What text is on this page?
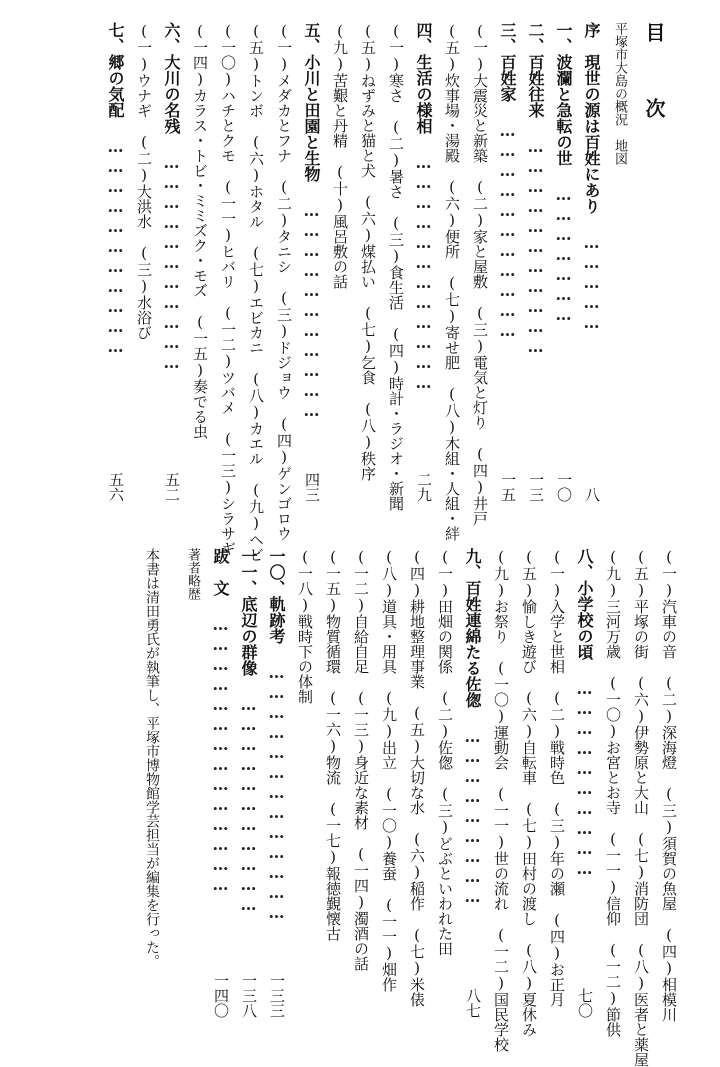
目　次
平塚市大島の概況　地図
序　現世の源は百姓にあり ……………
八
一、波瀾と急転の世 …………………
一〇
二、百姓往来 ……………………………
一三
三、百姓家 ……………………………
一五
(一)大震災と新築　(二)家と屋敷　(三)電気と灯り　(四)井戸
(五)炊事場・湯殿　(六)便所　(七)寄せ肥　(八)木組・人組・絆
四、生活の様相 ………………………………
二九
(一)寒さ　(二)暑さ　(三)食生活　(四)時計・ラジオ・新聞
(五)ねずみと猫と犬　(六)煤払い　(七)乞食　(八)秩序
(九)苦艱と丹精　(十)風呂敷の話
五、小川と田園と生物 ……………………………
四三
(一)メダカとフナ　(二)タニシ　(三)ドジョウ　(四)ゲンゴロウ
(五)トンボ　(六)ホタル　(七)エビカニ　(八)カエル　(九)ヘビ
(一〇)ハチとクモ　(一一)ヒバリ　(一二)ツバメ　(一三)シラサギ
(一四)カラス・トビ・ミミズク・モズ　(一五)奏でる虫
六、大川の名残 ……………………………
五二
(一)ウナギ　(二)大洪水　(三)水浴び
七、郷の気配 ……………………………
五六
(一)汽車の音　(二)深海燈　(三)須賀の魚屋　(四)相模川
(五)平塚の街　(六)伊勢原と大山　(七)消防団　(八)医者と薬屋
(九)三河万歳　(一〇)お宮とお寺　(一一)信仰　(一二)節供
八、小学校の頃 …………………………
七〇
(一)入学と世相　(二)戦時色　(三)年の瀬　(四)お正月
(五)愉しき遊び　(六)自転車　(七)田村の渡し　(八)夏休み
(九)お祭り　(一〇)運動会　(一一)世の流れ　(一二)国民学校
九、百姓連綿たる佐偬 ………………………
八七
(一)田畑の関係　(二)佐偬　(三)どぶといわれた田
(四)耕地整理事業　(五)大切な水　(六)稲作　(七)米俵
(八)道具・用具　(九)出立　(一〇)養蚕　(一一)畑作
(一二)自給自足　(一三)身近な素材　(一四)濁酒の話
(一五)物質循環　(一六)物流　(一七)報徳覲懐古
(一八)戦時下の体制
一〇、軌跡考 …………………………………
一三三
一一、底辺の群像 ……………………………
一三八
跋　文 ……………………………………
一四〇
著者略歴
本書は清田勇氏が執筆し、平塚市博物館学芸担当が編集を行った。
